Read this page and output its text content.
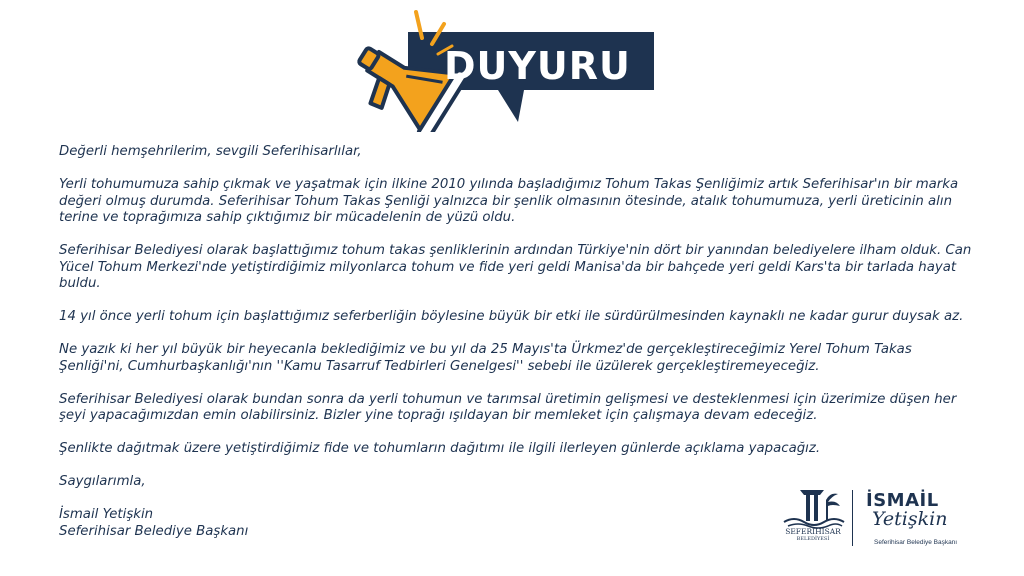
DUYURU

Değerli hemşehrilerim, sevgili Seferihisarlılar,

Yerli tohumumuza sahip çıkmak ve yaşatmak için ilkine 2010 yılında başladığımız Tohum Takas Şenliğimiz artık Seferihisar'ın bir marka değeri olmuş durumda. Seferihisar Tohum Takas Şenliği yalnızca bir şenlik olmasının ötesinde, atalık tohumumuza, yerli üreticinin alın terine ve toprağımıza sahip çıktığımız bir mücadelenin de yüzü oldu.

Seferihisar Belediyesi olarak başlattığımız tohum takas şenliklerinin ardından Türkiye'nin dört bir yanından belediyelere ilham olduk. Can Yücel Tohum Merkezi'nde yetiştirdiğimiz milyonlarca tohum ve fide yeri geldi Manisa'da bir bahçede yeri geldi Kars'ta bir tarlada hayat buldu.

14 yıl önce yerli tohum için başlattığımız seferberliğin böylesine büyük bir etki ile sürdürülmesinden kaynaklı ne kadar gurur duysak az.

Ne yazık ki her yıl büyük bir heyecanla beklediğimiz ve bu yıl da 25 Mayıs'ta Ürkmez'de gerçekleştireceğimiz Yerel Tohum Takas Şenliği'ni, Cumhurbaşkanlığı'nın ''Kamu Tasarruf Tedbirleri Genelgesi'' sebebi ile üzülerek gerçekleştiremeyeceğiz.

Seferihisar Belediyesi olarak bundan sonra da yerli tohumun ve tarımsal üretimin gelişmesi ve desteklenmesi için üzerimize düşen her şeyi yapacağımızdan emin olabilirsiniz. Bizler yine toprağı ışıldayan bir memleket için çalışmaya devam edeceğiz.

Şenlikte dağıtmak üzere yetiştirdiğimiz fide ve tohumların dağıtımı ile ilgili ilerleyen günlerde açıklama yapacağız.

Saygılarımla,

İsmail Yetişkin

Seferihisar Belediye Başkanı	SEFERİHİSAR
BELEDİYESİ
İSMAİL
Yetişkin
Seferihisar Belediye Başkanı
